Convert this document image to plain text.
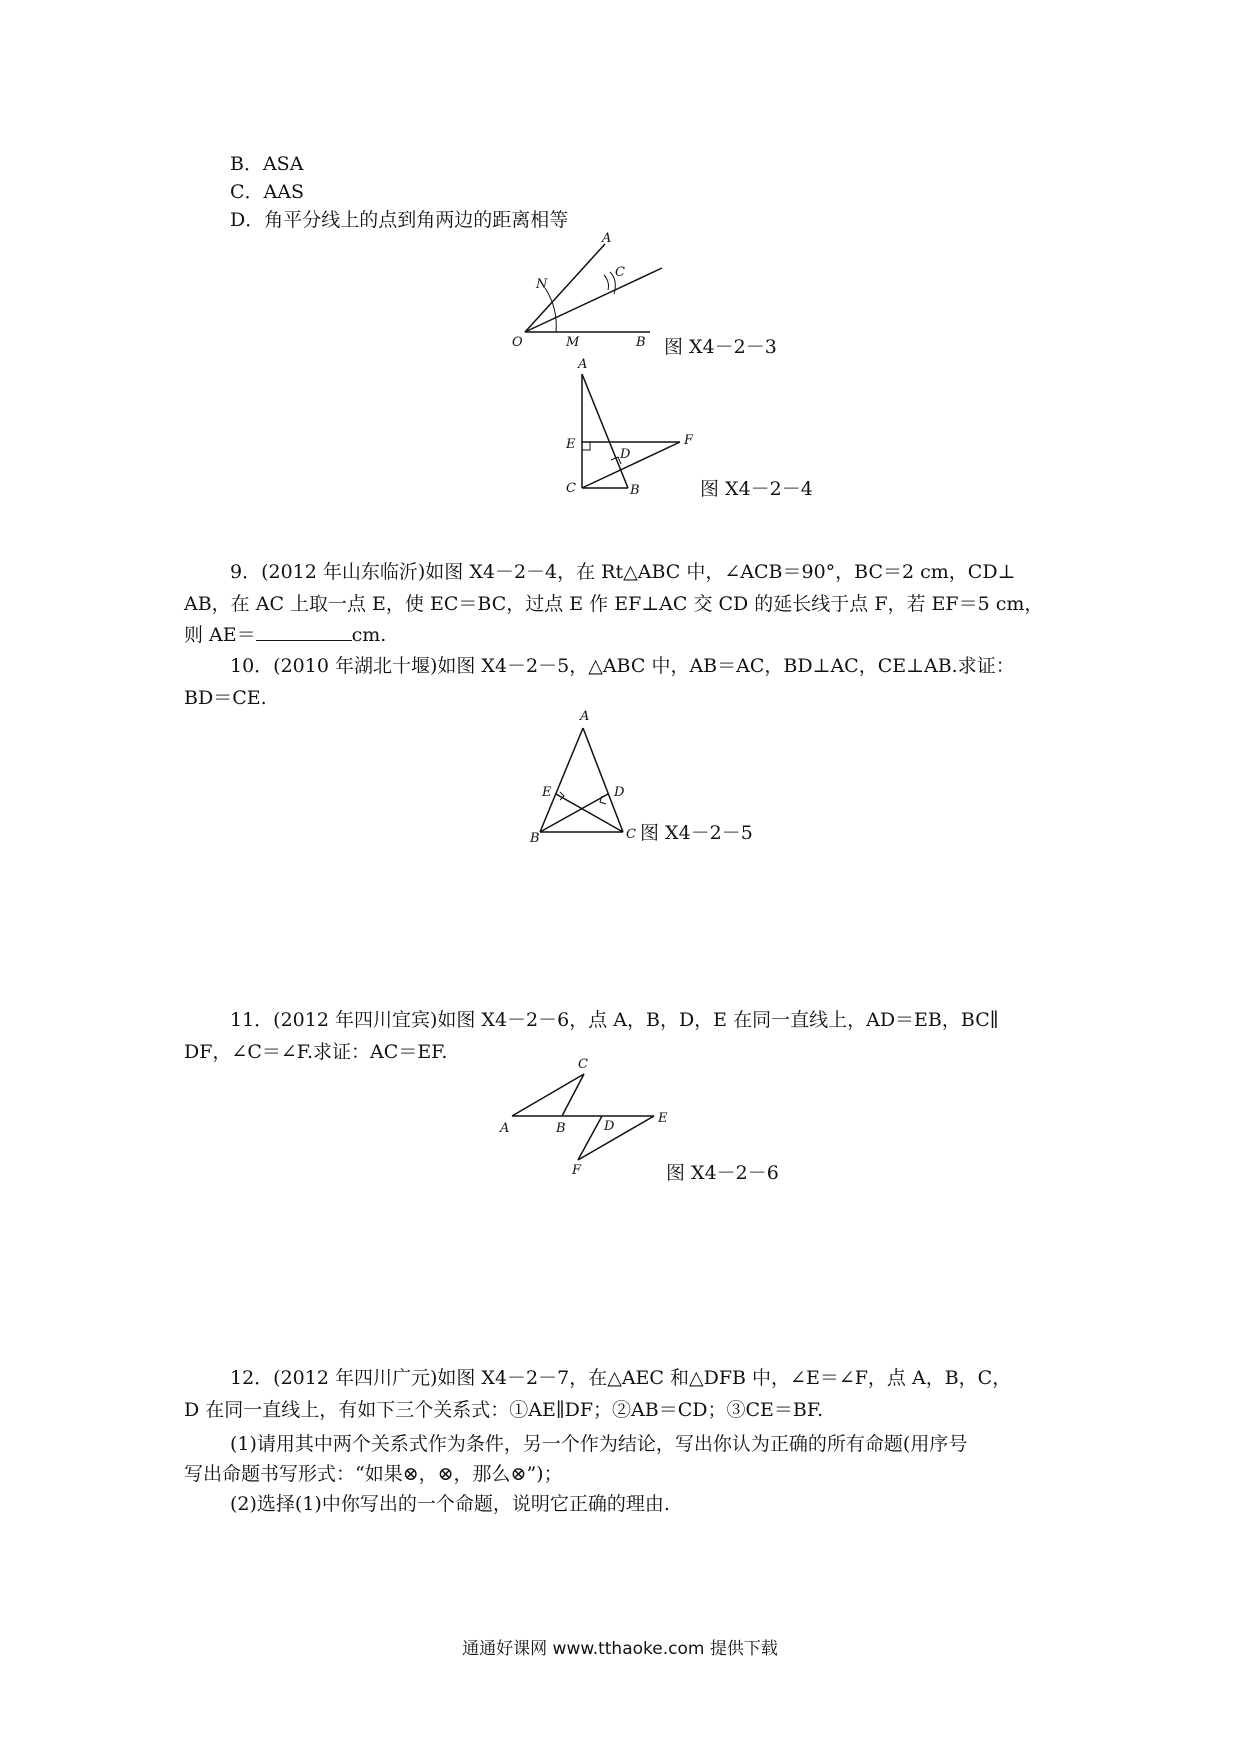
B．ASA
C．AAS
D．角平分线上的点到角两边的距离相等
A
N
C
O	M	B 图 X4－2－3
A
E
D
F
C	B	图 X4－2－4
9．(2012 年山东临沂)如图 X4－2－4，在 Rt△ABC 中，∠ACB＝90°，BC＝2 cm，CD⊥
AB，在 AC 上取一点 E，使 EC＝BC，过点 E 作 EF⊥AC 交 CD 的延长线于点 F，若 EF＝5 cm，
则 AE＝	cm.
10．(2010 年湖北十堰)如图 X4－2－5，△ABC 中，AB＝AC，BD⊥AC，CE⊥AB.求证：
BD＝CE.
A
E	D
B	C 图 X4－2－5
11．(2012 年四川宜宾)如图 X4－2－6，点 A，B，D，E 在同一直线上，AD＝EB，BC∥
DF，∠C＝∠F.求证：AC＝EF.
C
A	B	D
E
F	图 X4－2－6
12．(2012 年四川广元)如图 X4－2－7，在△AEC 和△DFB 中，∠E＝∠F，点 A，B，C，
D 在同一直线上，有如下三个关系式：①AE∥DF；②AB＝CD；③CE＝BF.
(1)请用其中两个关系式作为条件，另一个作为结论，写出你认为正确的所有命题(用序号
写出命题书写形式：“如果⊗，⊗，那么⊗”)；
(2)选择(1)中你写出的一个命题，说明它正确的理由.
通通好课网 www.tthaoke.com 提供下载
